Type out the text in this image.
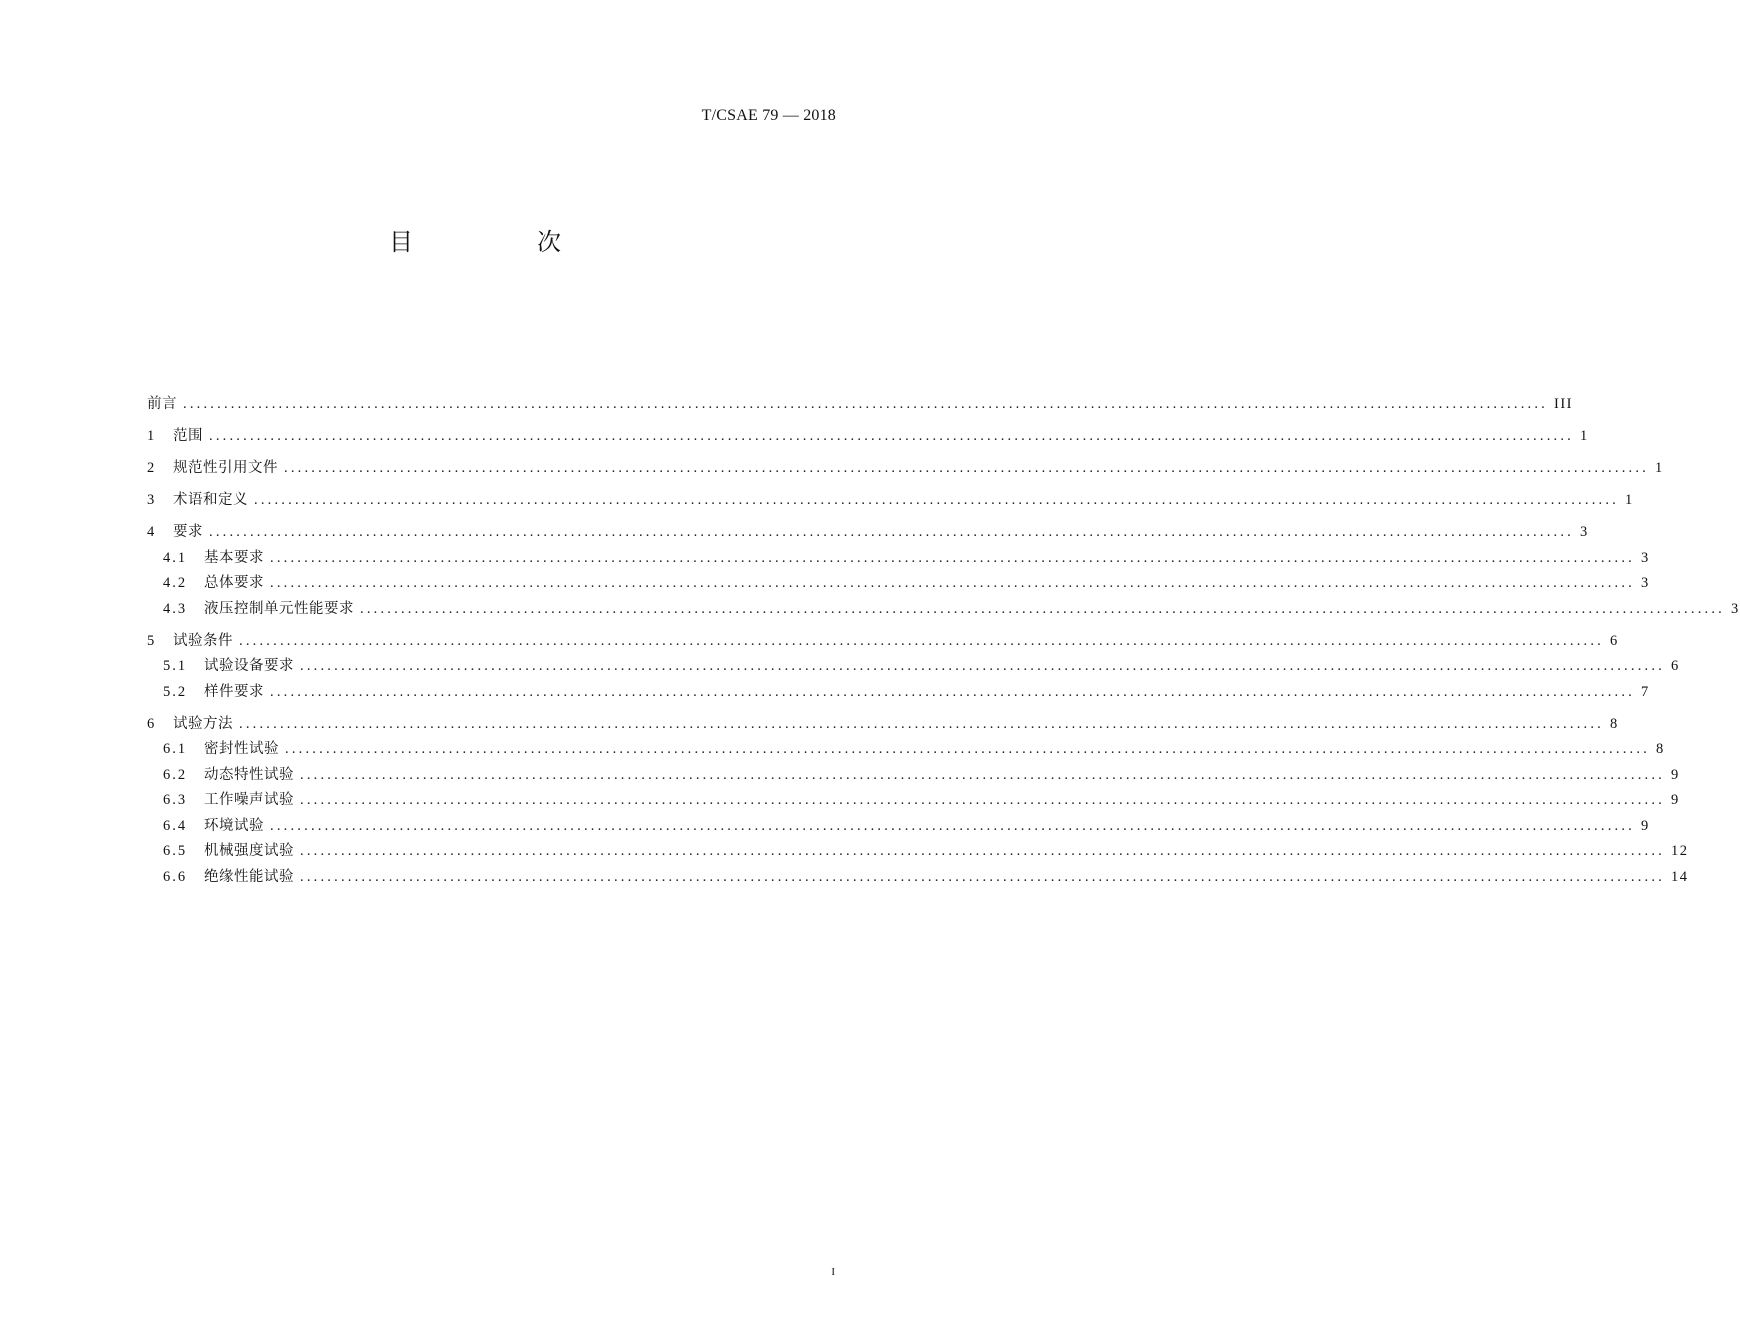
T/CSAE 79 — 2018
目　次
前言 ........................................................................................................................................................................................................ III
1	范围 ........................................................................................................................................................................................................ 1
2	规范性引用文件 ........................................................................................................................................................................................................ 1
3	术语和定义 ........................................................................................................................................................................................................ 1
4	要求 ........................................................................................................................................................................................................ 3
4.1	基本要求 ........................................................................................................................................................................................................ 3
4.2	总体要求 ........................................................................................................................................................................................................ 3
4.3	液压控制单元性能要求 ........................................................................................................................................................................................................ 3
5	试验条件 ........................................................................................................................................................................................................ 6
5.1	试验设备要求 ........................................................................................................................................................................................................ 6
5.2	样件要求 ........................................................................................................................................................................................................ 7
6	试验方法 ........................................................................................................................................................................................................ 8
6.1	密封性试验 ........................................................................................................................................................................................................ 8
6.2	动态特性试验 ........................................................................................................................................................................................................ 9
6.3	工作噪声试验 ........................................................................................................................................................................................................ 9
6.4	环境试验 ........................................................................................................................................................................................................ 9
6.5	机械强度试验 ........................................................................................................................................................................................................ 12
6.6	绝缘性能试验 ........................................................................................................................................................................................................ 14
I
